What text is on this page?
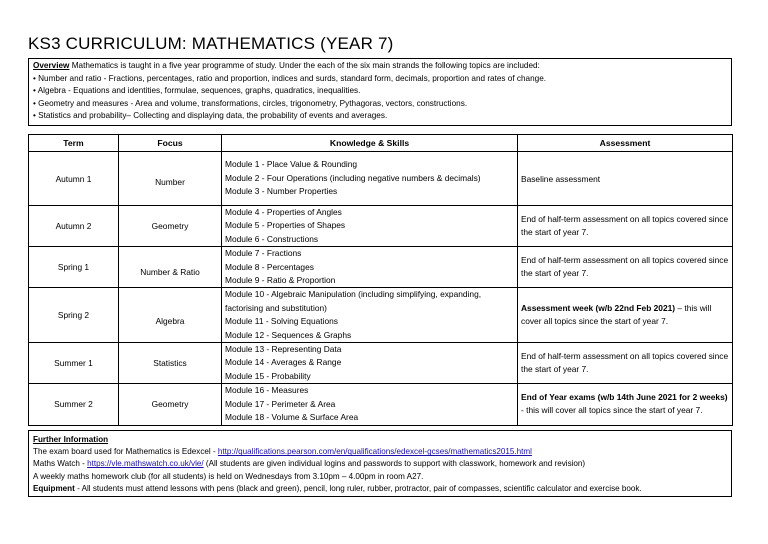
KS3 CURRICULUM: MATHEMATICS (YEAR 7)
Overview Mathematics is taught in a five year programme of study. Under the each of the six main strands the following topics are included:
• Number and ratio - Fractions, percentages, ratio and proportion, indices and surds, standard form, decimals, proportion and rates of change.
• Algebra - Equations and identities, formulae, sequences, graphs, quadratics, inequalities.
• Geometry and measures - Area and volume, transformations, circles, trigonometry, Pythagoras, vectors, constructions.
• Statistics and probability– Collecting and displaying data, the probability of events and averages.
Term	Focus	Knowledge & Skills	Assessment
Autumn 1	Number	Module 1 - Place Value & Rounding
Module 2 - Four Operations (including negative numbers & decimals)
Module 3 - Number Properties	Baseline assessment
Autumn 2	Geometry	Module 4 - Properties of Angles
Module 5 - Properties of Shapes
Module 6 - Constructions	End of half-term assessment on all topics covered since the start of year 7.
Spring 1	Number & Ratio	Module 7 - Fractions
Module 8 - Percentages
Module 9 - Ratio & Proportion	End of half-term assessment on all topics covered since the start of year 7.
Spring 2	Algebra	Module 10 - Algebraic Manipulation (including simplifying, expanding, factorising and substitution)
Module 11 - Solving Equations
Module 12 - Sequences & Graphs	Assessment week (w/b 22nd Feb 2021) – this will cover all topics since the start of year 7.
Summer 1	Statistics	Module 13 - Representing Data
Module 14 - Averages & Range
Module 15 - Probability	End of half-term assessment on all topics covered since the start of year 7.
Summer 2	Geometry	Module 16 - Measures
Module 17 - Perimeter & Area
Module 18 - Volume & Surface Area	End of Year exams (w/b 14th June 2021 for 2 weeks) - this will cover all topics since the start of year 7.
Further Information
The exam board used for Mathematics is Edexcel - http://qualifications.pearson.com/en/qualifications/edexcel-gcses/mathematics2015.html
Maths Watch - https://vle.mathswatch.co.uk/vle/ (All students are given individual logins and passwords to support with classwork, homework and revision)
A weekly maths homework club (for all students) is held on Wednesdays from 3.10pm – 4.00pm in room A27.
Equipment - All students must attend lessons with pens (black and green), pencil, long ruler, rubber, protractor, pair of compasses, scientific calculator and exercise book.
